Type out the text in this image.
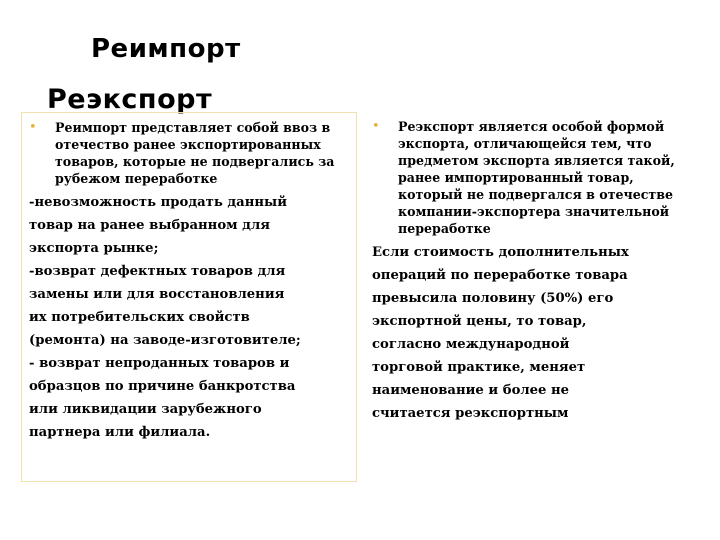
Реимпорт
Реэкспорт
•	Реимпорт представляет собой ввоз в отечество ранее экспортированных товаров, которые не подвергались за рубежом переработке
-невозможность продать данный
товар на ранее выбранном для
экспорта рынке;
-возврат дефектных товаров для
замены или для восстановления
их потребительских свойств
(ремонта) на заводе-изготовителе;
- возврат непроданных товаров и
образцов по причине банкротства
или ликвидации зарубежного
партнера или филиала.
•	Реэкспорт является особой формой экспорта, отличающейся тем, что предметом экспорта является такой, ранее импортированный товар, который не подвергался в отечестве компании-экспортера значительной переработке
Если стоимость дополнительных
операций по переработке товара
превысила половину (50%) его
экспортной цены, то товар,
согласно международной
торговой практике, меняет
наименование и более не
считается реэкспортным
